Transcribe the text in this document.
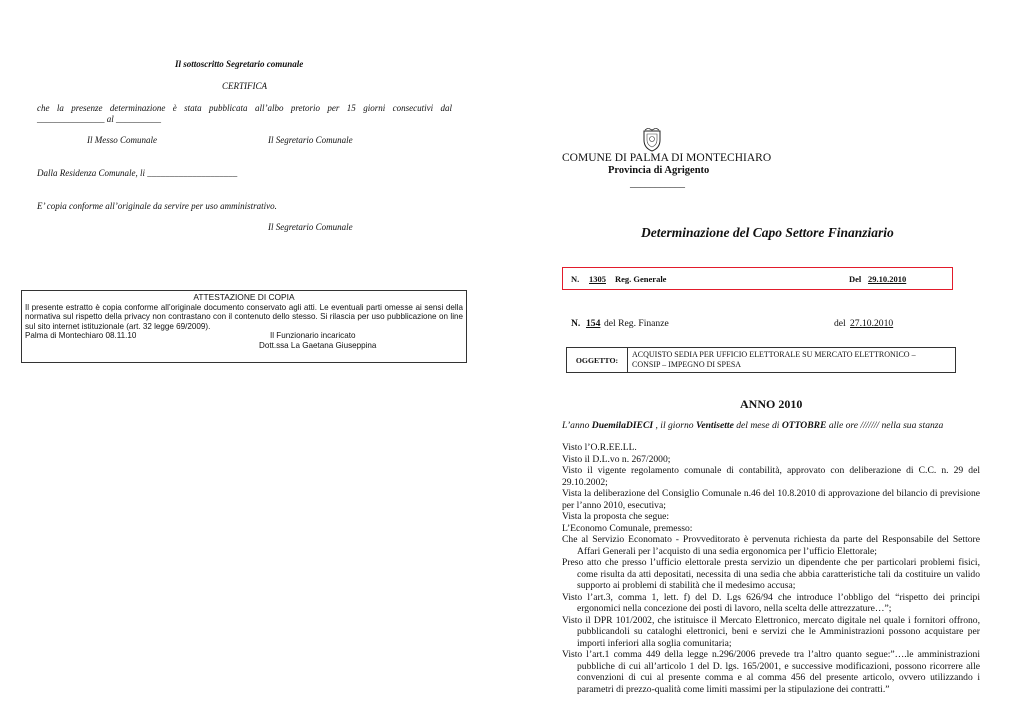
Il sottoscritto Segretario comunale
CERTIFICA
che la presenze determinazione è stata pubblicata all’albo pretorio per 15 giorni consecutivi dal
_______________ al __________
Il Messo Comunale	Il Segretario Comunale
Dalla Residenza Comunale, li ____________________
E’ copia conforme all’originale da servire per uso amministrativo.
Il Segretario Comunale
ATTESTAZIONE DI COPIA
Il presente estratto è copia conforme all’originale documento conservato agli atti. Le eventuali parti omesse ai sensi della normativa sul rispetto della privacy non contrastano con il contenuto dello stesso. Si rilascia per uso pubblicazione on line sul sito internet istituzionale (art. 32 legge 69/2009).
Palma di Montechiaro 08.11.10	Il Funzionario incaricato
Dott.ssa La Gaetana Giuseppina
COMUNE DI PALMA DI MONTECHIARO
Provincia di Agrigento
___________
Determinazione del Capo Settore Finanziario
N. 1305 Reg. Generale	Del 29.10.2010
N. 154 del Reg. Finanze	del 27.10.2010
OGGETTO:
ACQUISTO SEDIA PER UFFICIO ELETTORALE SU MERCATO ELETTRONICO –
CONSIP – IMPEGNO DI SPESA
ANNO 2010
L’anno DuemilaDIECI , il giorno Ventisette del mese di OTTOBRE alle ore /////// nella sua stanza
Visto l’O.R.EE.LL.
Visto il D.L.vo n. 267/2000;
Visto il vigente regolamento comunale di contabilità, approvato con deliberazione di C.C. n. 29 del 29.10.2002;
Vista la deliberazione del Consiglio Comunale n.46 del 10.8.2010 di approvazione del bilancio di previsione per l’anno 2010, esecutiva;
Vista la proposta che segue:
L’Economo Comunale, premesso:
Che al Servizio Economato - Provveditorato è pervenuta richiesta da parte del Responsabile del Settore Affari Generali per l’acquisto di una sedia ergonomica per l’ufficio Elettorale;
Preso atto che presso l’ufficio elettorale presta servizio un dipendente che per particolari problemi fisici, come risulta da atti depositati, necessita di una sedia che abbia caratteristiche tali da costituire un valido supporto ai problemi di stabilità che il medesimo accusa;
Visto l’art.3, comma 1, lett. f) del D. Lgs 626/94 che introduce l’obbligo del “rispetto dei principi ergonomici nella concezione dei posti di lavoro, nella scelta delle attrezzature…”;
Visto il DPR 101/2002, che istituisce il Mercato Elettronico, mercato digitale nel quale i fornitori offrono, pubblicandoli su cataloghi elettronici, beni e servizi che le Amministrazioni possono acquistare per importi inferiori alla soglia comunitaria;
Visto l’art.1 comma 449 della legge n.296/2006 prevede tra l’altro quanto segue:”….le amministrazioni pubbliche di cui all’articolo 1 del D. lgs. 165/2001, e successive modificazioni, possono ricorrere alle convenzioni di cui al presente comma e al comma 456 del presente articolo, ovvero utilizzando i parametri di prezzo-qualità come limiti massimi per la stipulazione dei contratti.”
